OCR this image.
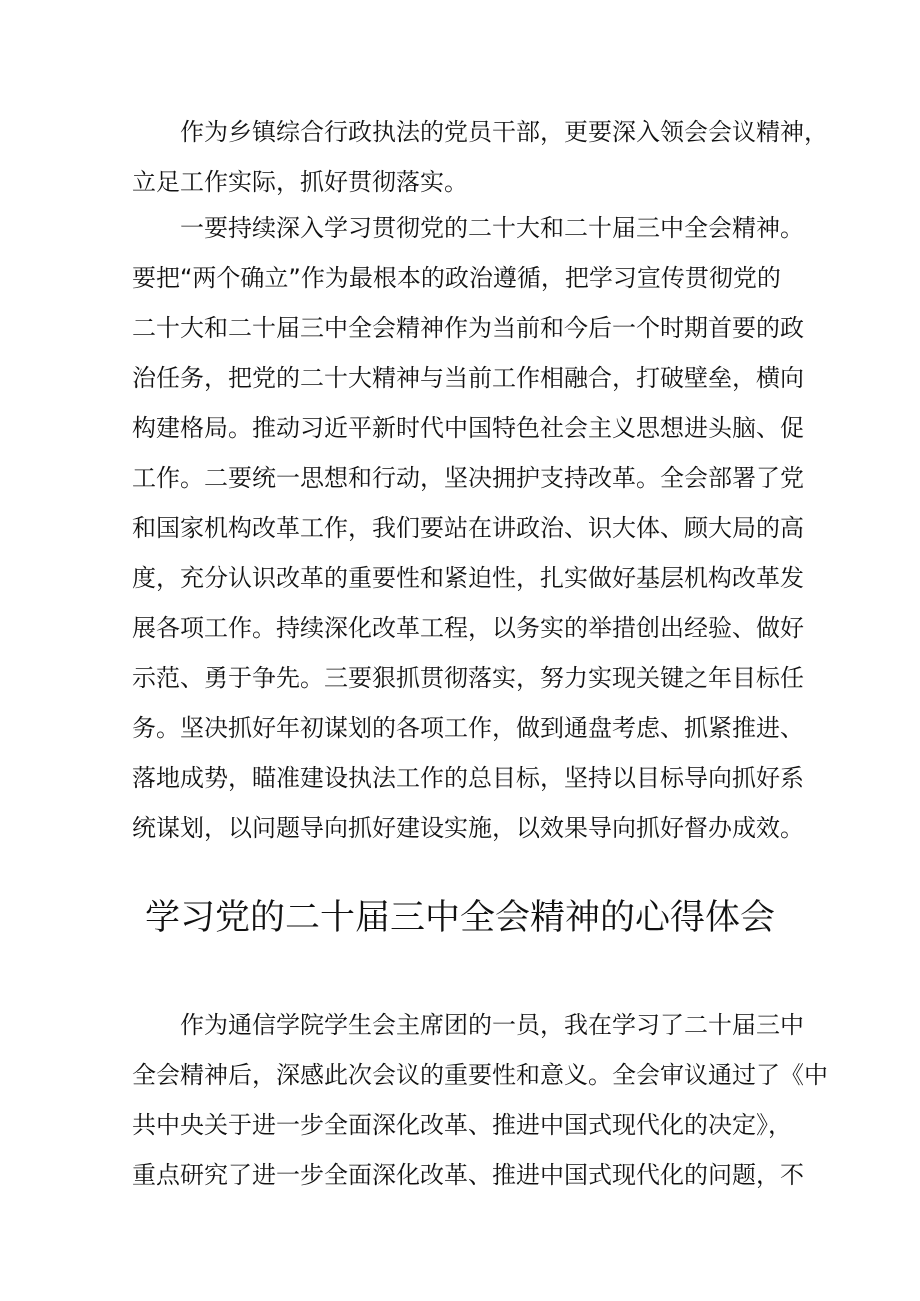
作为乡镇综合行政执法的党员干部，更要深入领会会议精神，
立足工作实际，抓好贯彻落实。
一要持续深入学习贯彻党的二十大和二十届三中全会精神。
要把“两个确立”作为最根本的政治遵循，把学习宣传贯彻党的
二十大和二十届三中全会精神作为当前和今后一个时期首要的政
治任务，把党的二十大精神与当前工作相融合，打破壁垒，横向
构建格局。推动习近平新时代中国特色社会主义思想进头脑、促
工作。二要统一思想和行动，坚决拥护支持改革。全会部署了党
和国家机构改革工作，我们要站在讲政治、识大体、顾大局的高
度，充分认识改革的重要性和紧迫性，扎实做好基层机构改革发
展各项工作。持续深化改革工程，以务实的举措创出经验、做好
示范、勇于争先。三要狠抓贯彻落实，努力实现关键之年目标任
务。坚决抓好年初谋划的各项工作，做到通盘考虑、抓紧推进、
落地成势，瞄准建设执法工作的总目标，坚持以目标导向抓好系
统谋划，以问题导向抓好建设实施，以效果导向抓好督办成效。
学习党的二十届三中全会精神的心得体会
作为通信学院学生会主席团的一员，我在学习了二十届三中
全会精神后，深感此次会议的重要性和意义。全会审议通过了《中
共中央关于进一步全面深化改革、推进中国式现代化的决定》，
重点研究了进一步全面深化改革、推进中国式现代化的问题，不
